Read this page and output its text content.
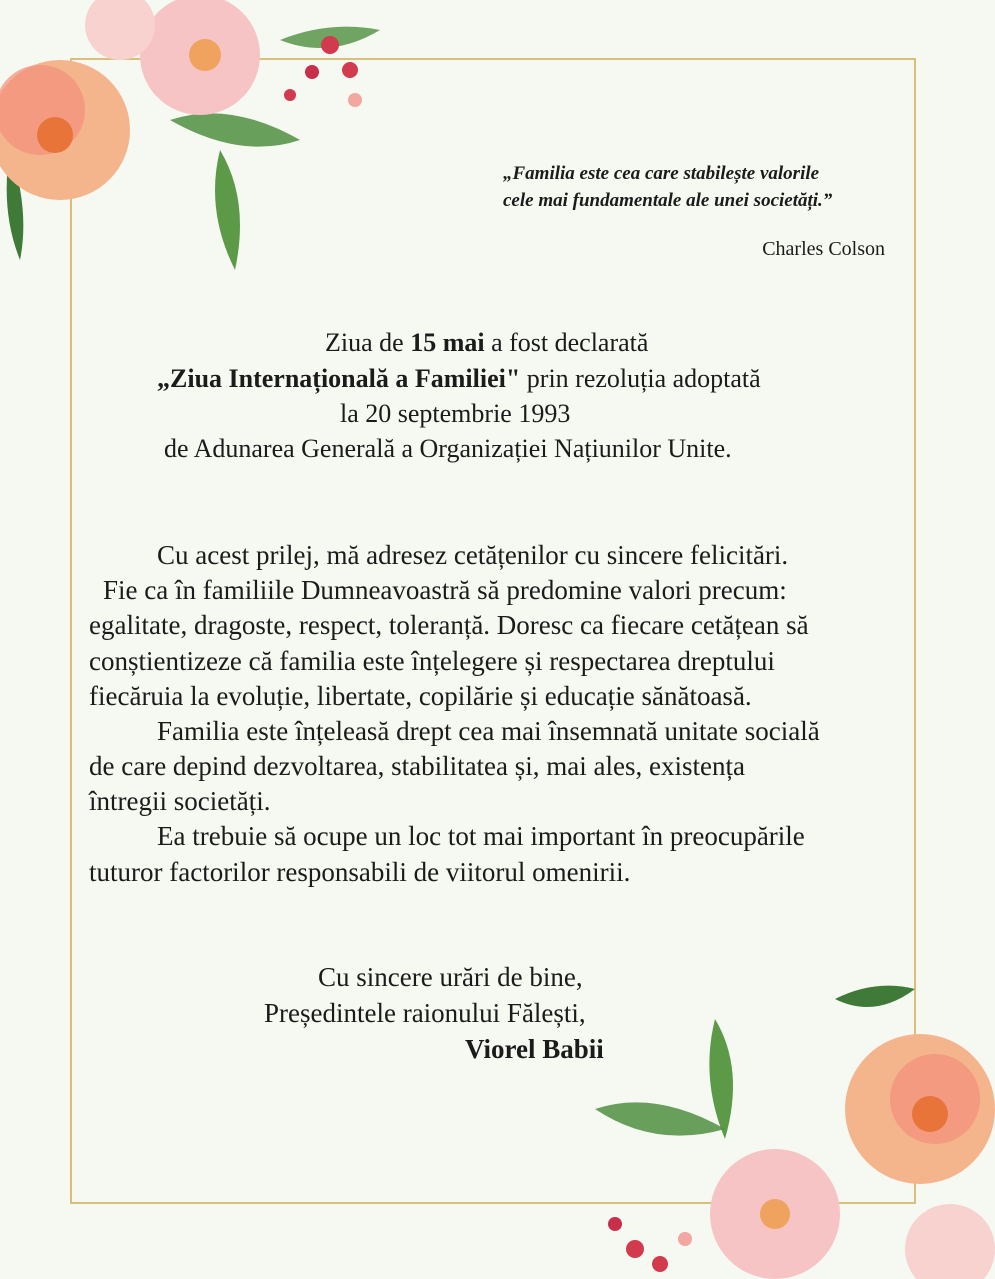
„Familia este cea care stabilește valorile
cele mai fundamentale ale unei societăți.”
Charles Colson
Ziua de 15 mai a fost declarată
„Ziua Internațională a Familiei" prin rezoluția adoptată
la 20 septembrie 1993
de Adunarea Generală a Organizației Națiunilor Unite.
Cu acest prilej, mă adresez cetățenilor cu sincere felicitări.
Fie ca în familiile Dumneavoastră să predomine valori precum:
egalitate, dragoste, respect, toleranță. Doresc ca fiecare cetățean să
conștientizeze că familia este înțelegere și respectarea dreptului
fiecăruia la evoluție, libertate, copilărie și educație sănătoasă.
Familia este înțeleasă drept cea mai însemnată unitate socială
de care depind dezvoltarea, stabilitatea și, mai ales, existența
întregii societăți.
Ea trebuie să ocupe un loc tot mai important în preocupările
tuturor factorilor responsabili de viitorul omenirii.
Cu sincere urări de bine,
Președintele raionului Fălești,
Viorel Babii
